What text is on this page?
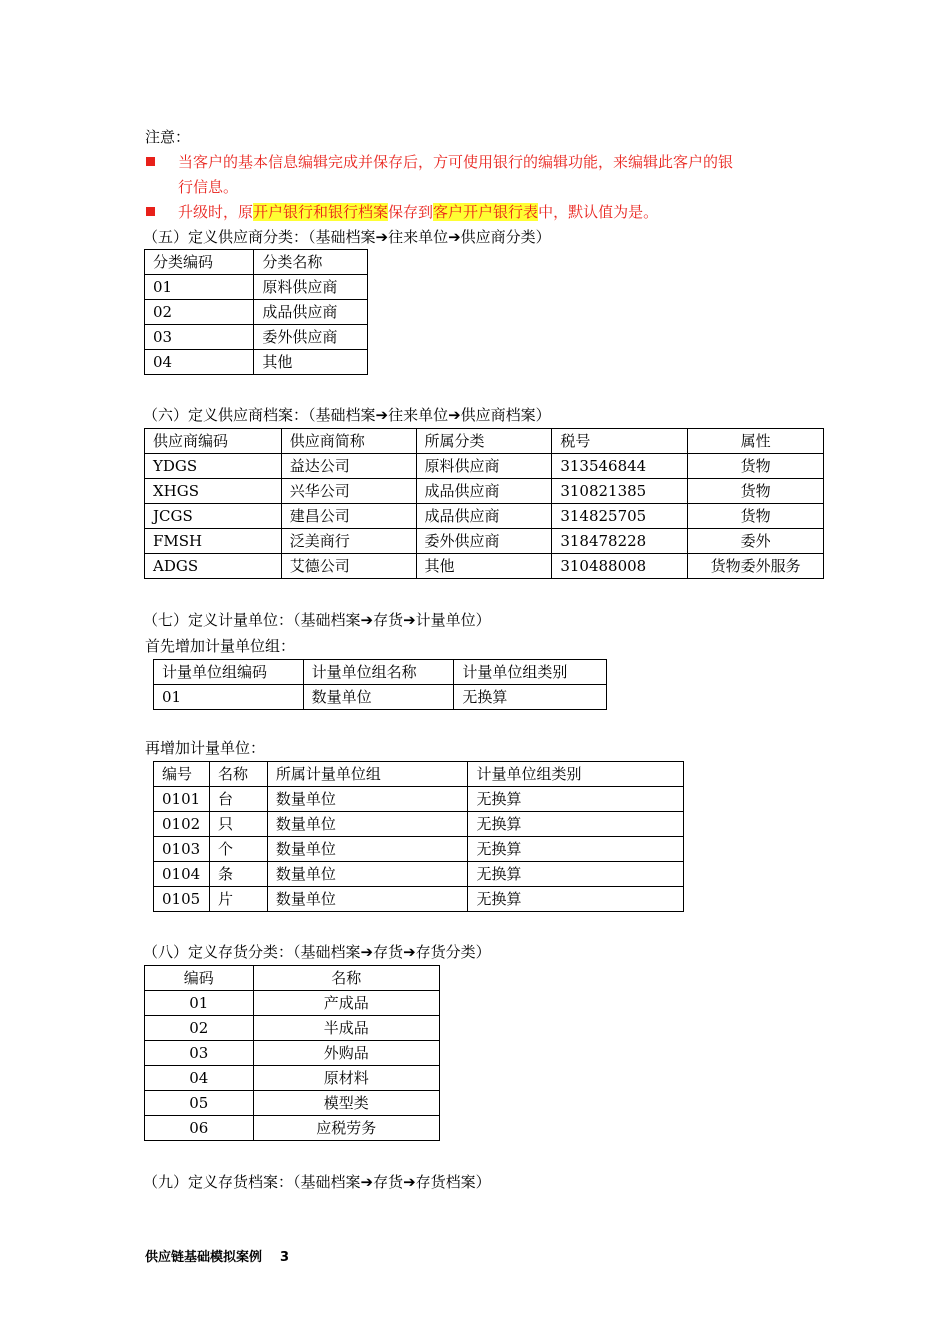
注意：
当客户的基本信息编辑完成并保存后，方可使用银行的编辑功能，来编辑此客户的银
行信息。
升级时，原开户银行和银行档案保存到客户开户银行表中，默认值为是。
（五）定义供应商分类：（基础档案➔往来单位➔供应商分类）
分类编码	分类名称
01	原料供应商
02	成品供应商
03	委外供应商
04	其他
（六）定义供应商档案：（基础档案➔往来单位➔供应商档案）
供应商编码	供应商简称	所属分类	税号	属性
YDGS	益达公司	原料供应商	313546844	货物
XHGS	兴华公司	成品供应商	310821385	货物
JCGS	建昌公司	成品供应商	314825705	货物
FMSH	泛美商行	委外供应商	318478228	委外
ADGS	艾德公司	其他	310488008	货物委外服务
（七）定义计量单位：（基础档案➔存货➔计量单位）
首先增加计量单位组：
计量单位组编码	计量单位组名称	计量单位组类别
01	数量单位	无换算
再增加计量单位：
编号	名称	所属计量单位组	计量单位组类别
0101	台	数量单位	无换算
0102	只	数量单位	无换算
0103	个	数量单位	无换算
0104	条	数量单位	无换算
0105	片	数量单位	无换算
（八）定义存货分类：（基础档案➔存货➔存货分类）
编码	名称
01	产成品
02	半成品
03	外购品
04	原材料
05	模型类
06	应税劳务
（九）定义存货档案：（基础档案➔存货➔存货档案）
供应链基础模拟案例 3
